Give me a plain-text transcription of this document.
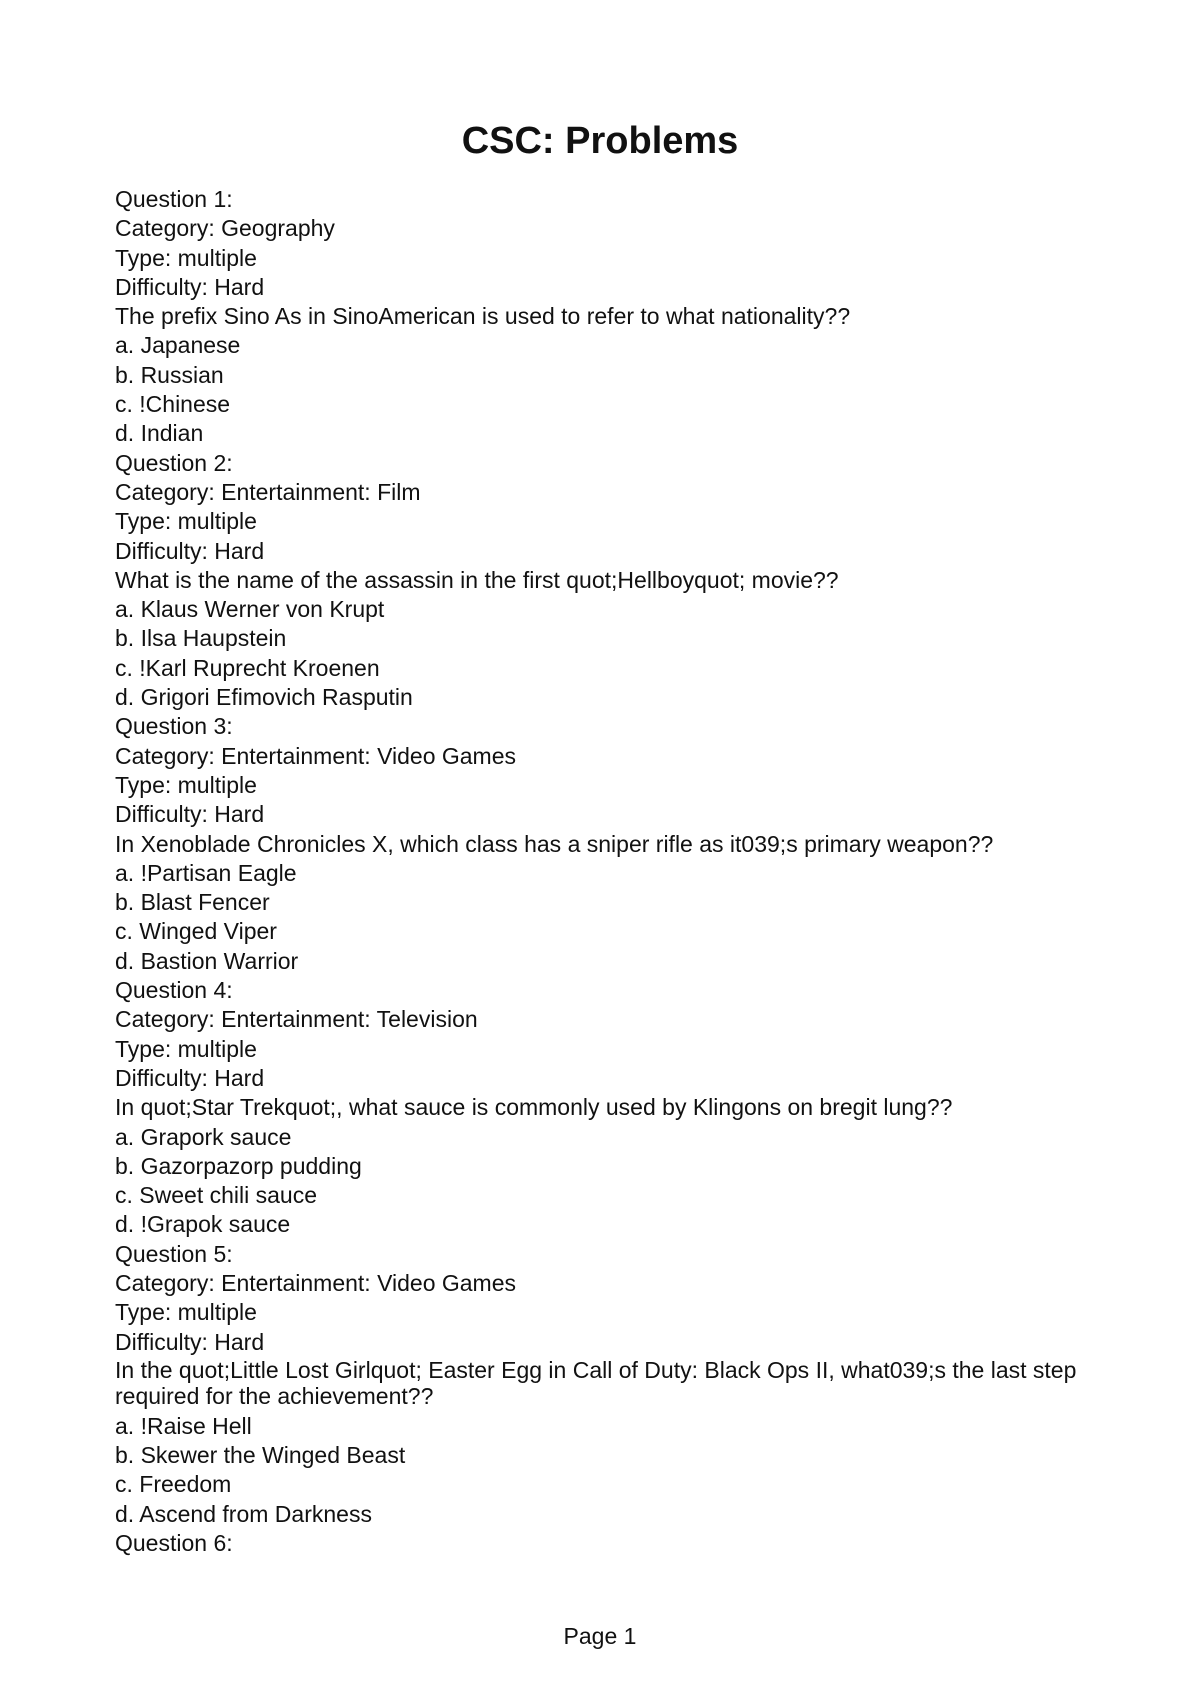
CSC: Problems
Question 1:
Category: Geography
Type: multiple
Difficulty: Hard
The prefix Sino As in SinoAmerican is used to refer to what nationality??
a. Japanese
b. Russian
c. !Chinese
d. Indian
Question 2:
Category: Entertainment: Film
Type: multiple
Difficulty: Hard
What is the name of the assassin in the first quot;Hellboyquot; movie??
a. Klaus Werner von Krupt
b. Ilsa Haupstein
c. !Karl Ruprecht Kroenen
d. Grigori Efimovich Rasputin
Question 3:
Category: Entertainment: Video Games
Type: multiple
Difficulty: Hard
In Xenoblade Chronicles X, which class has a sniper rifle as it039;s primary weapon??
a. !Partisan Eagle
b. Blast Fencer
c. Winged Viper
d. Bastion Warrior
Question 4:
Category: Entertainment: Television
Type: multiple
Difficulty: Hard
In quot;Star Trekquot;, what sauce is commonly used by Klingons on bregit lung??
a. Grapork sauce
b. Gazorpazorp pudding
c. Sweet chili sauce
d. !Grapok sauce
Question 5:
Category: Entertainment: Video Games
Type: multiple
Difficulty: Hard
In the quot;Little Lost Girlquot; Easter Egg in Call of Duty: Black Ops II, what039;s the last step required for the achievement??
a. !Raise Hell
b. Skewer the Winged Beast
c. Freedom
d. Ascend from Darkness
Question 6:
Page 1
